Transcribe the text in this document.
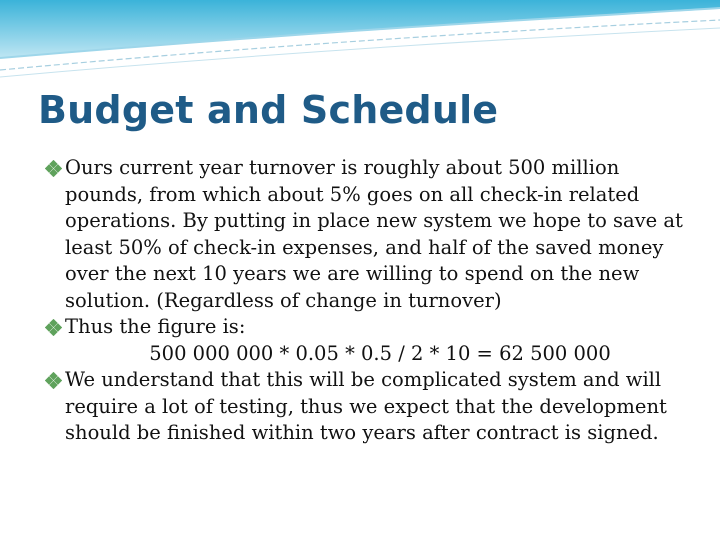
Budget and Schedule

Ours current year turnover is roughly about 500 million pounds, from which about 5% goes on all check-in related operations. By putting in place new system we hope to save at least 50% of check-in expenses, and half of the saved money over the next 10 years we are willing to spend on the new solution. (Regardless of change in turnover)

Thus the figure is:

500 000 000 * 0.05 * 0.5 / 2 * 10 = 62 500 000

We understand that this will be complicated system and will require a lot of testing, thus we expect that the development should be finished within two years after contract is signed.
